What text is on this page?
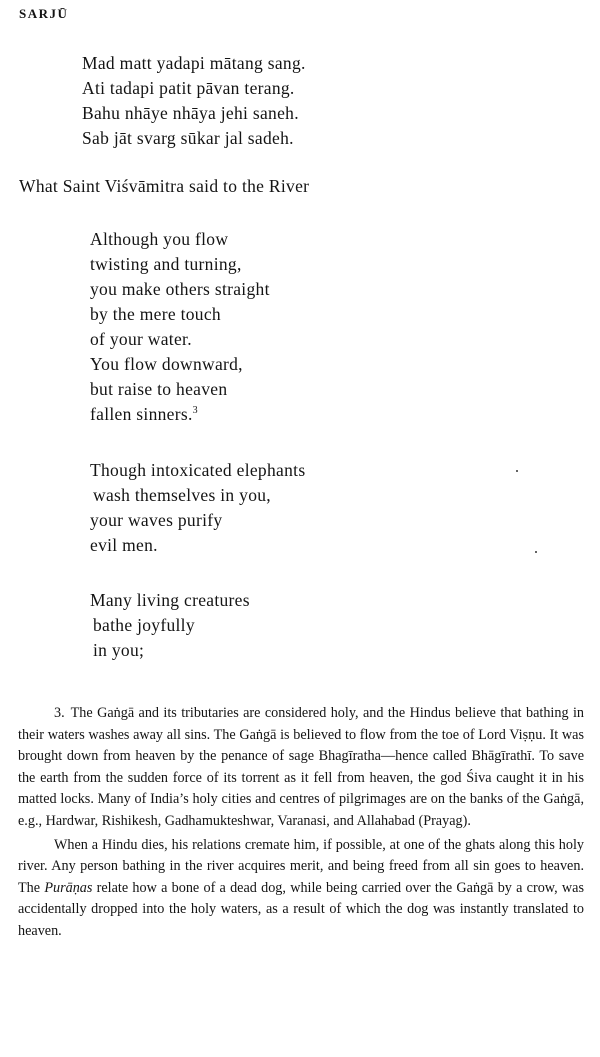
SARJŪ
Mad matt yadapi mātang sang.
Ati tadapi patit pāvan terang.
Bahu nhāye nhāya jehi saneh.
Sab jāt svarg sūkar jal sadeh.
What Saint Viśvāmitra said to the River
Although you flow
twisting and turning,
you make others straight
by the mere touch
of your water.
You flow downward,
but raise to heaven
fallen sinners.$^3$
Though intoxicated elephants
wash themselves in you,
your waves purify
evil men.
Many living creatures
bathe joyfully
in you;

3. The Gaṅgā and its tributaries are considered holy, and the Hindus believe that bathing in their waters washes away all sins. The Gaṅgā is believed to flow from the toe of Lord Viṣṇu. It was brought down from heaven by the penance of sage Bhagīratha—hence called Bhāgīrathī. To save the earth from the sudden force of its torrent as it fell from heaven, the god Śiva caught it in his matted locks. Many of India’s holy cities and centres of pilgrimages are on the banks of the Gaṅgā, e.g., Hardwar, Rishikesh, Gadhamukteshwar, Varanasi, and Allahabad (Prayag).

When a Hindu dies, his relations cremate him, if possible, at one of the ghats along this holy river. Any person bathing in the river acquires merit, and being freed from all sin goes to heaven. The Purāṇas relate how a bone of a dead dog, while being carried over the Gaṅgā by a crow, was accidentally dropped into the holy waters, as a result of which the dog was instantly translated to heaven.
